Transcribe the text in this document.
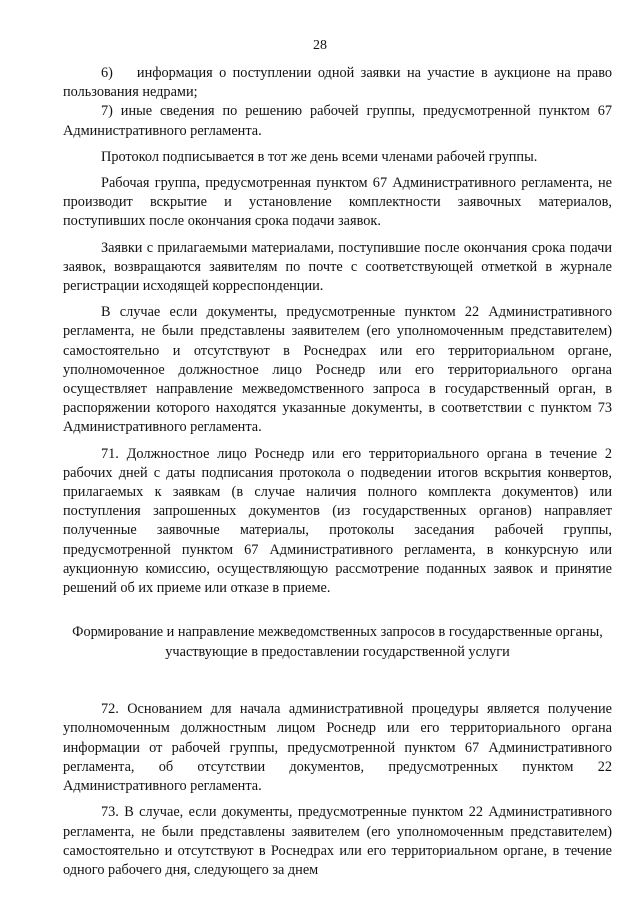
28

6) информация о поступлении одной заявки на участие в аукционе на право пользования недрами;

7) иные сведения по решению рабочей группы, предусмотренной пунктом 67 Административного регламента.

Протокол подписывается в тот же день всеми членами рабочей группы.

Рабочая группа, предусмотренная пунктом 67 Административного регламента, не производит вскрытие и установление комплектности заявочных материалов, поступивших после окончания срока подачи заявок.

Заявки с прилагаемыми материалами, поступившие после окончания срока подачи заявок, возвращаются заявителям по почте с соответствующей отметкой в журнале регистрации исходящей корреспонденции.

В случае если документы, предусмотренные пунктом 22 Административного регламента, не были представлены заявителем (его уполномоченным представителем) самостоятельно и отсутствуют в Роснедрах или его территориальном органе, уполномоченное должностное лицо Роснедр или его территориального органа осуществляет направление межведомственного запроса в государственный орган, в распоряжении которого находятся указанные документы, в соответствии с пунктом 73 Административного регламента.

71. Должностное лицо Роснедр или его территориального органа в течение 2 рабочих дней с даты подписания протокола о подведении итогов вскрытия конвертов, прилагаемых к заявкам (в случае наличия полного комплекта документов) или поступления запрошенных документов (из государственных органов) направляет полученные заявочные материалы, протоколы заседания рабочей группы, предусмотренной пунктом 67 Административного регламента, в конкурсную или аукционную комиссию, осуществляющую рассмотрение поданных заявок и принятие решений об их приеме или отказе в приеме.

Формирование и направление межведомственных запросов в государственные органы, участвующие в предоставлении государственной услуги

72. Основанием для начала административной процедуры является получение уполномоченным должностным лицом Роснедр или его территориального органа информации от рабочей группы, предусмотренной пунктом 67 Административного регламента, об отсутствии документов, предусмотренных пунктом 22 Административного регламента.

73. В случае, если документы, предусмотренные пунктом 22 Административного регламента, не были представлены заявителем (его уполномоченным представителем) самостоятельно и отсутствуют в Роснедрах или его территориальном органе, в течение одного рабочего дня, следующего за днем
